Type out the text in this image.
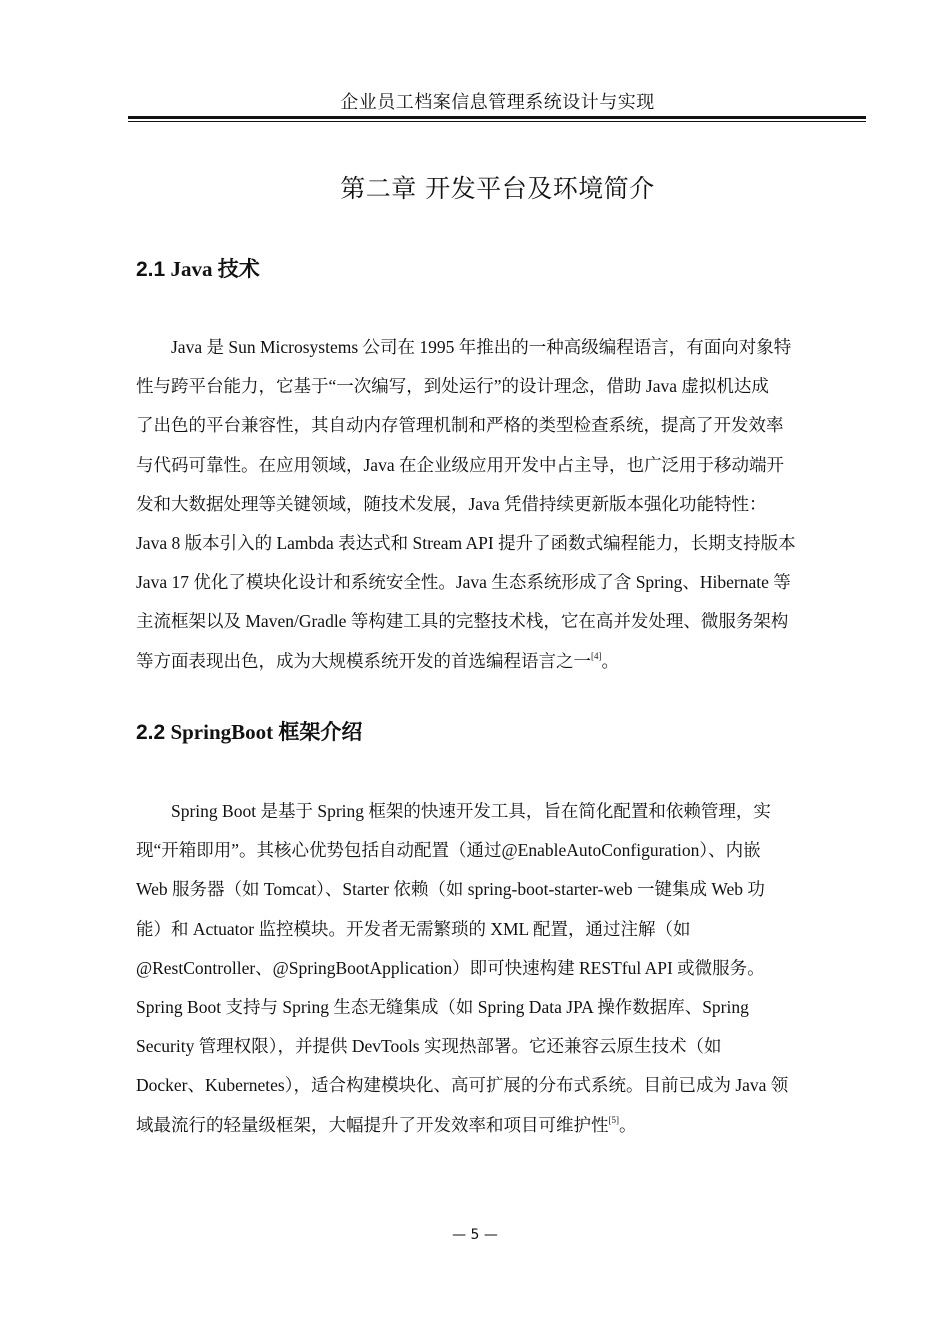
企业员工档案信息管理系统设计与实现
第二章 开发平台及环境简介
2.1 Java 技术
　　Java 是 Sun Microsystems 公司在 1995 年推出的一种高级编程语言，有面向对象特
性与跨平台能力，它基于“一次编写，到处运行”的设计理念，借助 Java 虚拟机达成
了出色的平台兼容性，其自动内存管理机制和严格的类型检查系统，提高了开发效率
与代码可靠性。在应用领域，Java 在企业级应用开发中占主导，也广泛用于移动端开
发和大数据处理等关键领域，随技术发展，Java 凭借持续更新版本强化功能特性：
Java 8 版本引入的 Lambda 表达式和 Stream API 提升了函数式编程能力，长期支持版本
Java 17 优化了模块化设计和系统安全性。Java 生态系统形成了含 Spring、Hibernate 等
主流框架以及 Maven/Gradle 等构建工具的完整技术栈，它在高并发处理、微服务架构
等方面表现出色，成为大规模系统开发的首选编程语言之一[4]。
2.2 SpringBoot 框架介绍
　　Spring Boot 是基于 Spring 框架的快速开发工具，旨在简化配置和依赖管理，实
现“开箱即用”。其核心优势包括自动配置（通过@EnableAutoConfiguration）、内嵌
Web 服务器（如 Tomcat）、Starter 依赖（如 spring-boot-starter-web 一键集成 Web 功
能）和 Actuator 监控模块。开发者无需繁琐的 XML 配置，通过注解（如
@RestController、@SpringBootApplication）即可快速构建 RESTful API 或微服务。
Spring Boot 支持与 Spring 生态无缝集成（如 Spring Data JPA 操作数据库、Spring
Security 管理权限），并提供 DevTools 实现热部署。它还兼容云原生技术（如
Docker、Kubernetes），适合构建模块化、高可扩展的分布式系统。目前已成为 Java 领
域最流行的轻量级框架，大幅提升了开发效率和项目可维护性[5]。
— 5 —
